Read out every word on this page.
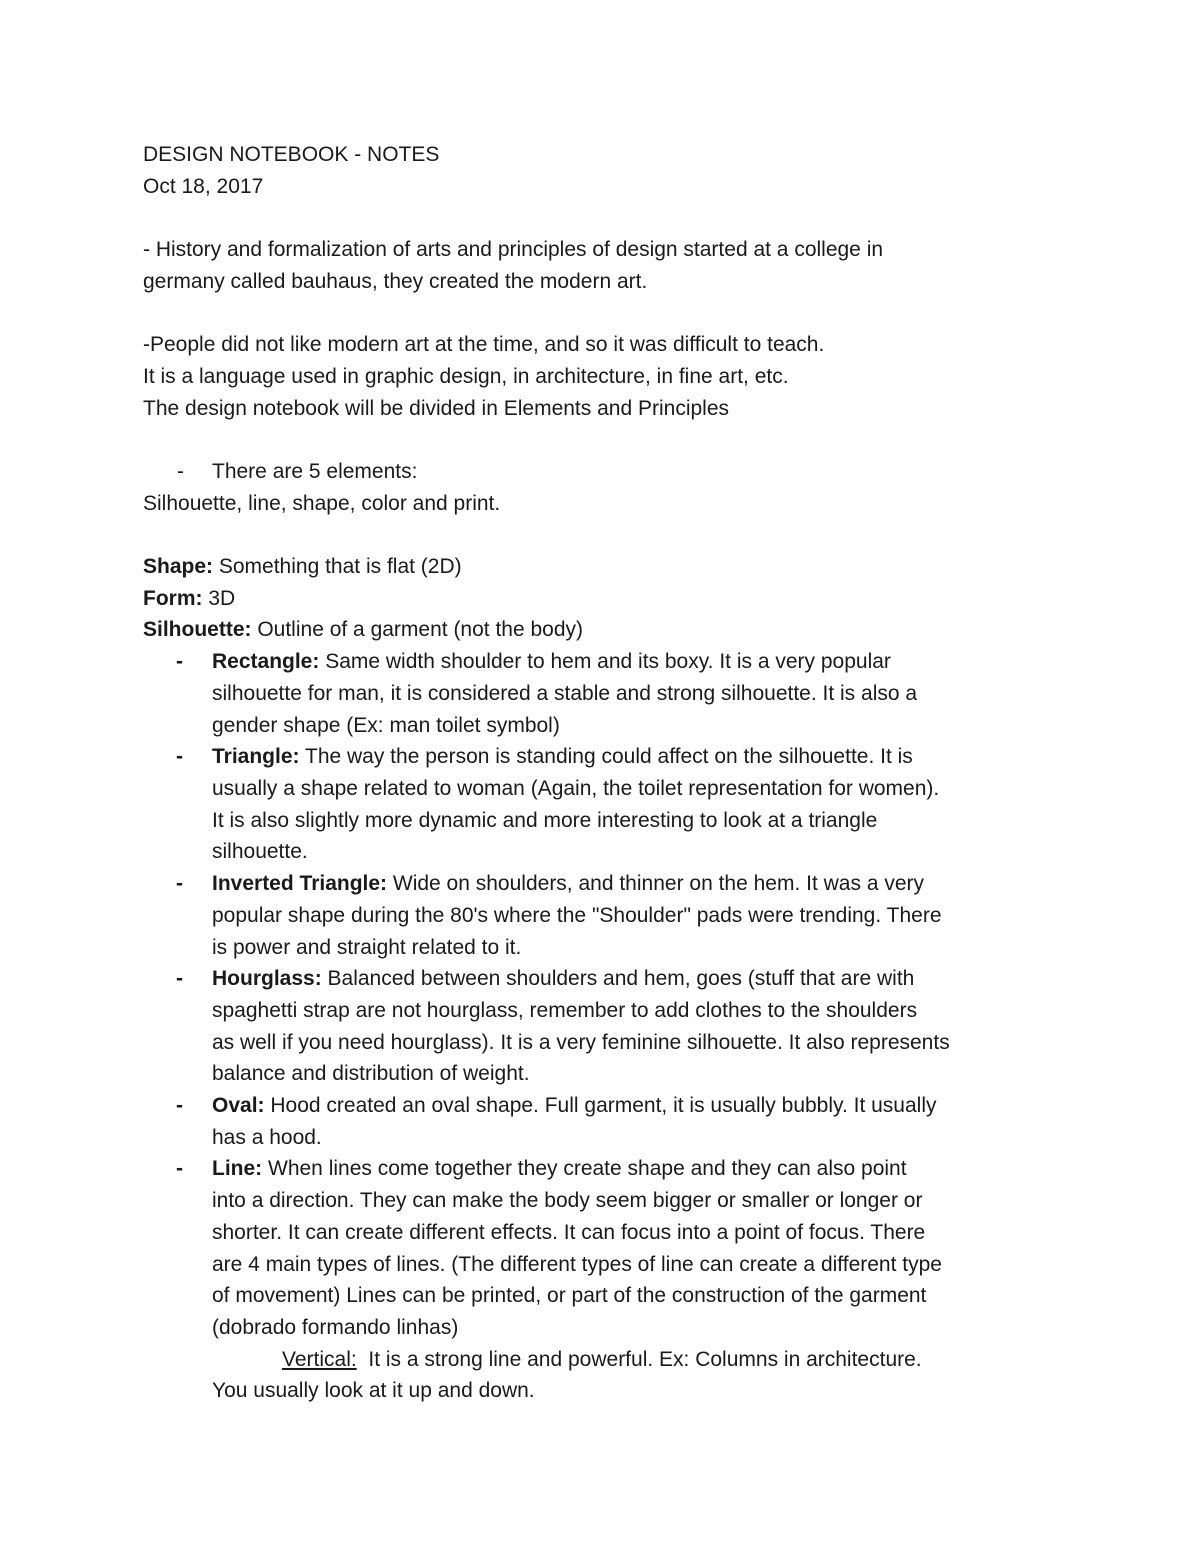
DESIGN NOTEBOOK - NOTES
Oct 18, 2017
- History and formalization of arts and principles of design started at a college in
germany called bauhaus, they created the modern art.
-People did not like modern art at the time, and so it was difficult to teach.
It is a language used in graphic design, in architecture, in fine art, etc.
The design notebook will be divided in Elements and Principles
- There are 5 elements:
Silhouette, line, shape, color and print.
Shape: Something that is flat (2D)
Form: 3D
Silhouette: Outline of a garment (not the body)
- Rectangle: Same width shoulder to hem and its boxy. It is a very popular
silhouette for man, it is considered a stable and strong silhouette. It is also a
gender shape (Ex: man toilet symbol)
- Triangle: The way the person is standing could affect on the silhouette. It is
usually a shape related to woman (Again, the toilet representation for women).
It is also slightly more dynamic and more interesting to look at a triangle
silhouette.
- Inverted Triangle: Wide on shoulders, and thinner on the hem. It was a very
popular shape during the 80's where the "Shoulder" pads were trending. There
is power and straight related to it.
- Hourglass: Balanced between shoulders and hem, goes (stuff that are with
spaghetti strap are not hourglass, remember to add clothes to the shoulders
as well if you need hourglass). It is a very feminine silhouette. It also represents
balance and distribution of weight.
- Oval: Hood created an oval shape. Full garment, it is usually bubbly. It usually
has a hood.
- Line: When lines come together they create shape and they can also point
into a direction. They can make the body seem bigger or smaller or longer or
shorter. It can create different effects. It can focus into a point of focus. There
are 4 main types of lines. (The different types of line can create a different type
of movement) Lines can be printed, or part of the construction of the garment
(dobrado formando linhas)
Vertical:  It is a strong line and powerful. Ex: Columns in architecture.
You usually look at it up and down.
